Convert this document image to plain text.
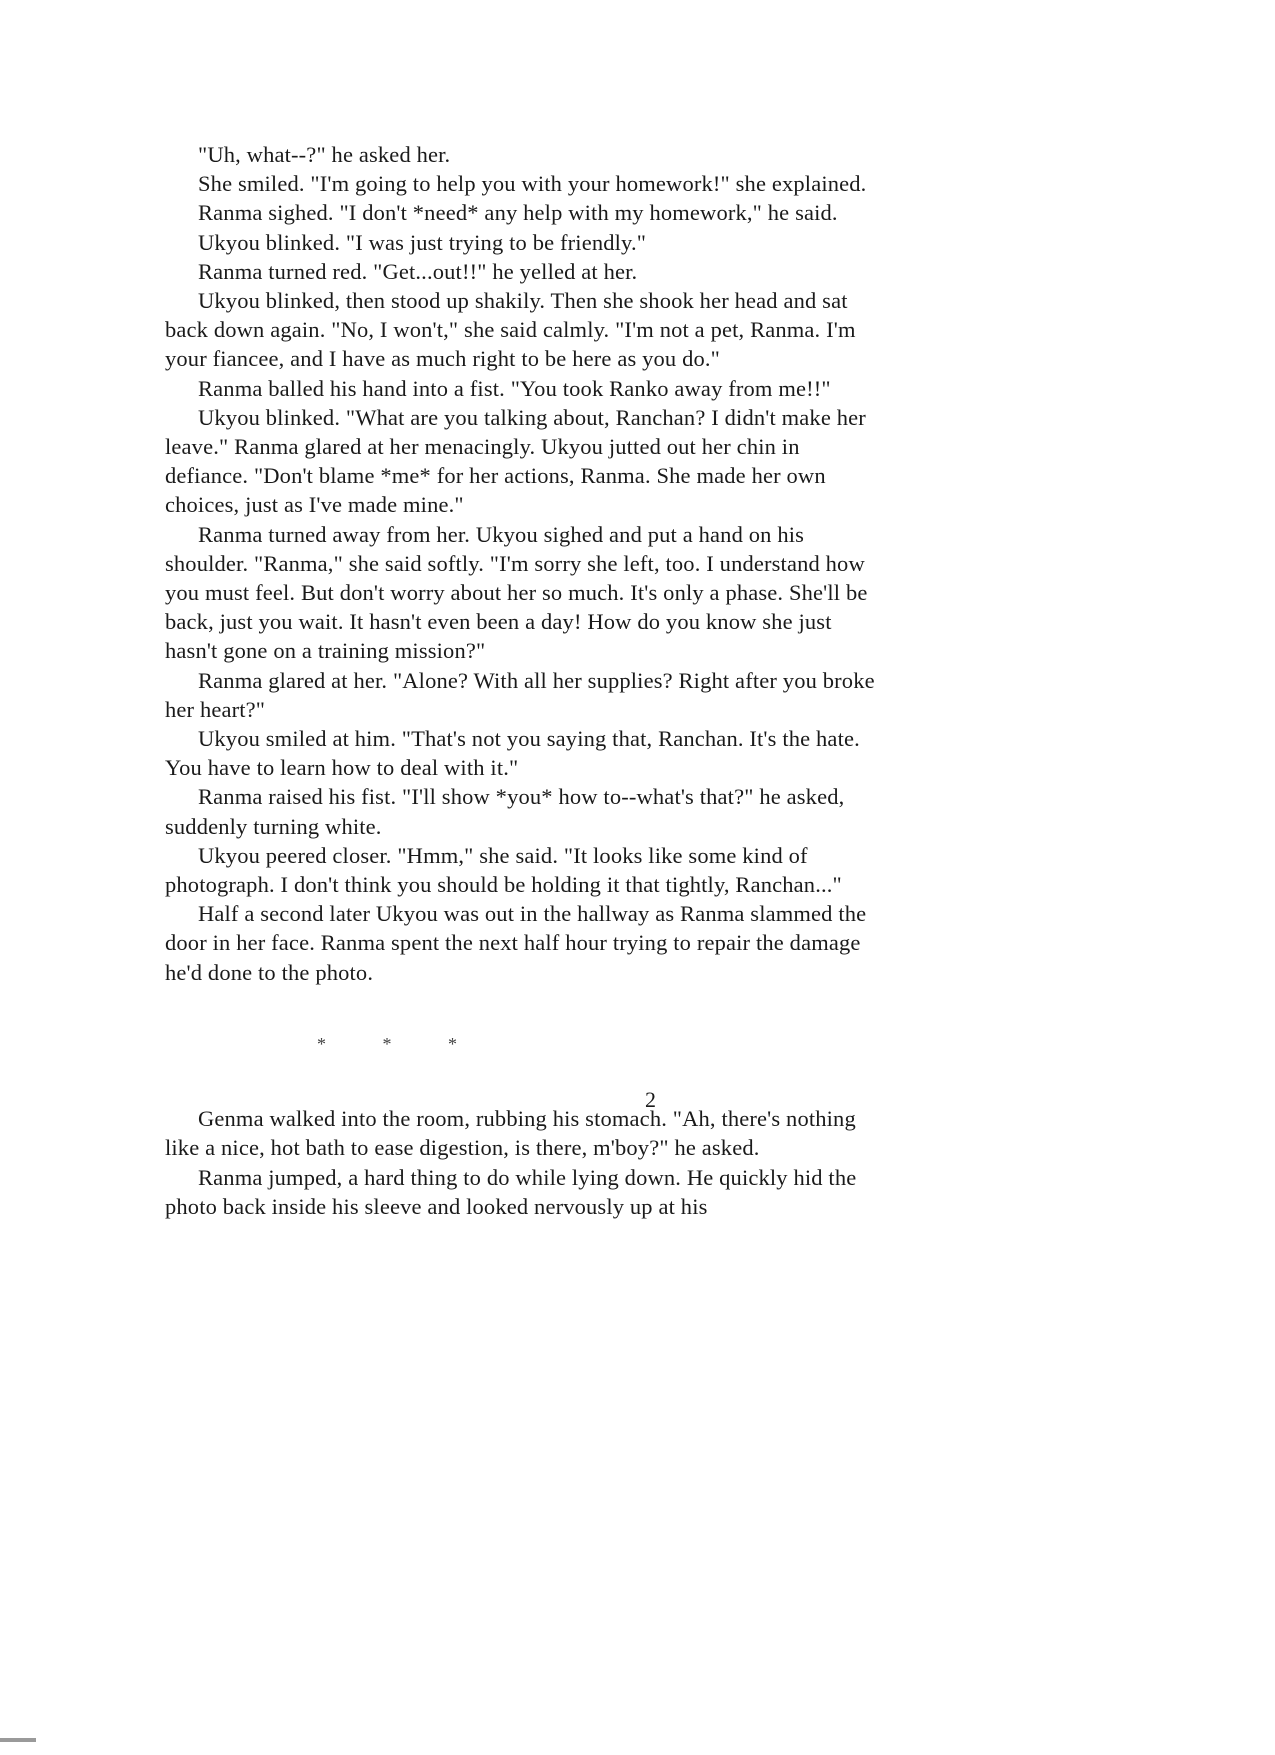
"Uh, what--?" he asked her.

She smiled. "I'm going to help you with your homework!" she explained.

Ranma sighed. "I don't *need* any help with my homework," he said.

Ukyou blinked. "I was just trying to be friendly."

Ranma turned red. "Get...out!!" he yelled at her.

Ukyou blinked, then stood up shakily. Then she shook her head and sat back down again. "No, I won't," she said calmly. "I'm not a pet, Ranma. I'm your fiancee, and I have as much right to be here as you do."

Ranma balled his hand into a fist. "You took Ranko away from me!!"

Ukyou blinked. "What are you talking about, Ranchan? I didn't make her leave." Ranma glared at her menacingly. Ukyou jutted out her chin in defiance. "Don't blame *me* for her actions, Ranma. She made her own choices, just as I've made mine."

Ranma turned away from her. Ukyou sighed and put a hand on his shoulder. "Ranma," she said softly. "I'm sorry she left, too. I understand how you must feel. But don't worry about her so much. It's only a phase. She'll be back, just you wait. It hasn't even been a day! How do you know she just hasn't gone on a training mission?"

Ranma glared at her. "Alone? With all her supplies? Right after you broke her heart?"

Ukyou smiled at him. "That's not you saying that, Ranchan. It's the hate. You have to learn how to deal with it."

Ranma raised his fist. "I'll show *you* how to--what's that?" he asked, suddenly turning white.

Ukyou peered closer. "Hmm," she said. "It looks like some kind of photograph. I don't think you should be holding it that tightly, Ranchan..."

Half a second later Ukyou was out in the hallway as Ranma slammed the door in her face. Ranma spent the next half hour trying to repair the damage he'd done to the photo.

* * *

Genma walked into the room, rubbing his stomach. "Ah, there's nothing like a nice, hot bath to ease digestion, is there, m'boy?" he asked.

Ranma jumped, a hard thing to do while lying down. He quickly hid the photo back inside his sleeve and looked nervously up at his

2
